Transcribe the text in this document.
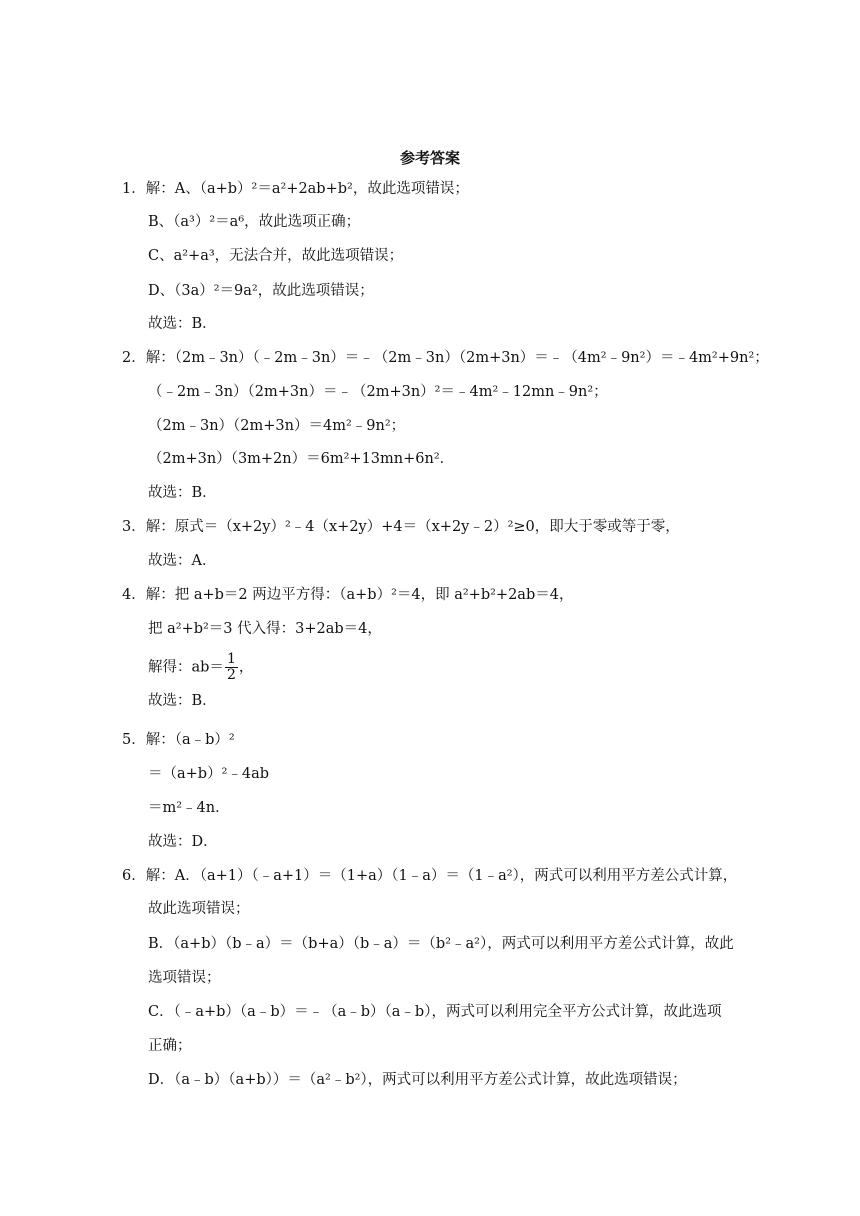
参考答案
1．解：A、（a+b）²＝a²+2ab+b²，故此选项错误；
B、（a³）²＝a⁶，故此选项正确；
C、a²+a³，无法合并，故此选项错误；
D、（3a）²＝9a²，故此选项错误；
故选：B．
2．解：（2m﹣3n）（﹣2m﹣3n）＝﹣（2m﹣3n）（2m+3n）＝﹣（4m²﹣9n²）＝﹣4m²+9n²；
（﹣2m﹣3n）（2m+3n）＝﹣（2m+3n）²＝﹣4m²﹣12mn﹣9n²；
（2m﹣3n）（2m+3n）＝4m²﹣9n²；
（2m+3n）（3m+2n）＝6m²+13mn+6n²．
故选：B．
3．解：原式＝（x+2y）²﹣4（x+2y）+4＝（x+2y﹣2）²≥0，即大于零或等于零，
故选：A．
4．解：把 a+b＝2 两边平方得：（a+b）²＝4，即 a²+b²+2ab＝4，
把 a²+b²＝3 代入得：3+2ab＝4，
故选：B．
5．解：（a﹣b）²
＝（a+b）²﹣4ab
＝m²﹣4n．
故选：D．
6．解：A．（a+1）（﹣a+1）＝（1+a）（1﹣a）＝（1﹣a²），两式可以利用平方差公式计算，
故此选项错误；
B．（a+b）（b﹣a）＝（b+a）（b﹣a）＝（b²﹣a²），两式可以利用平方差公式计算，故此
选项错误；
C．（﹣a+b）（a﹣b）＝﹣（a﹣b）（a﹣b），两式可以利用完全平方公式计算，故此选项
正确；
D．（a﹣b）（a+b））＝（a²﹣b²），两式可以利用平方差公式计算，故此选项错误；
解得：$ab= \frac{1}{2}$ ，
